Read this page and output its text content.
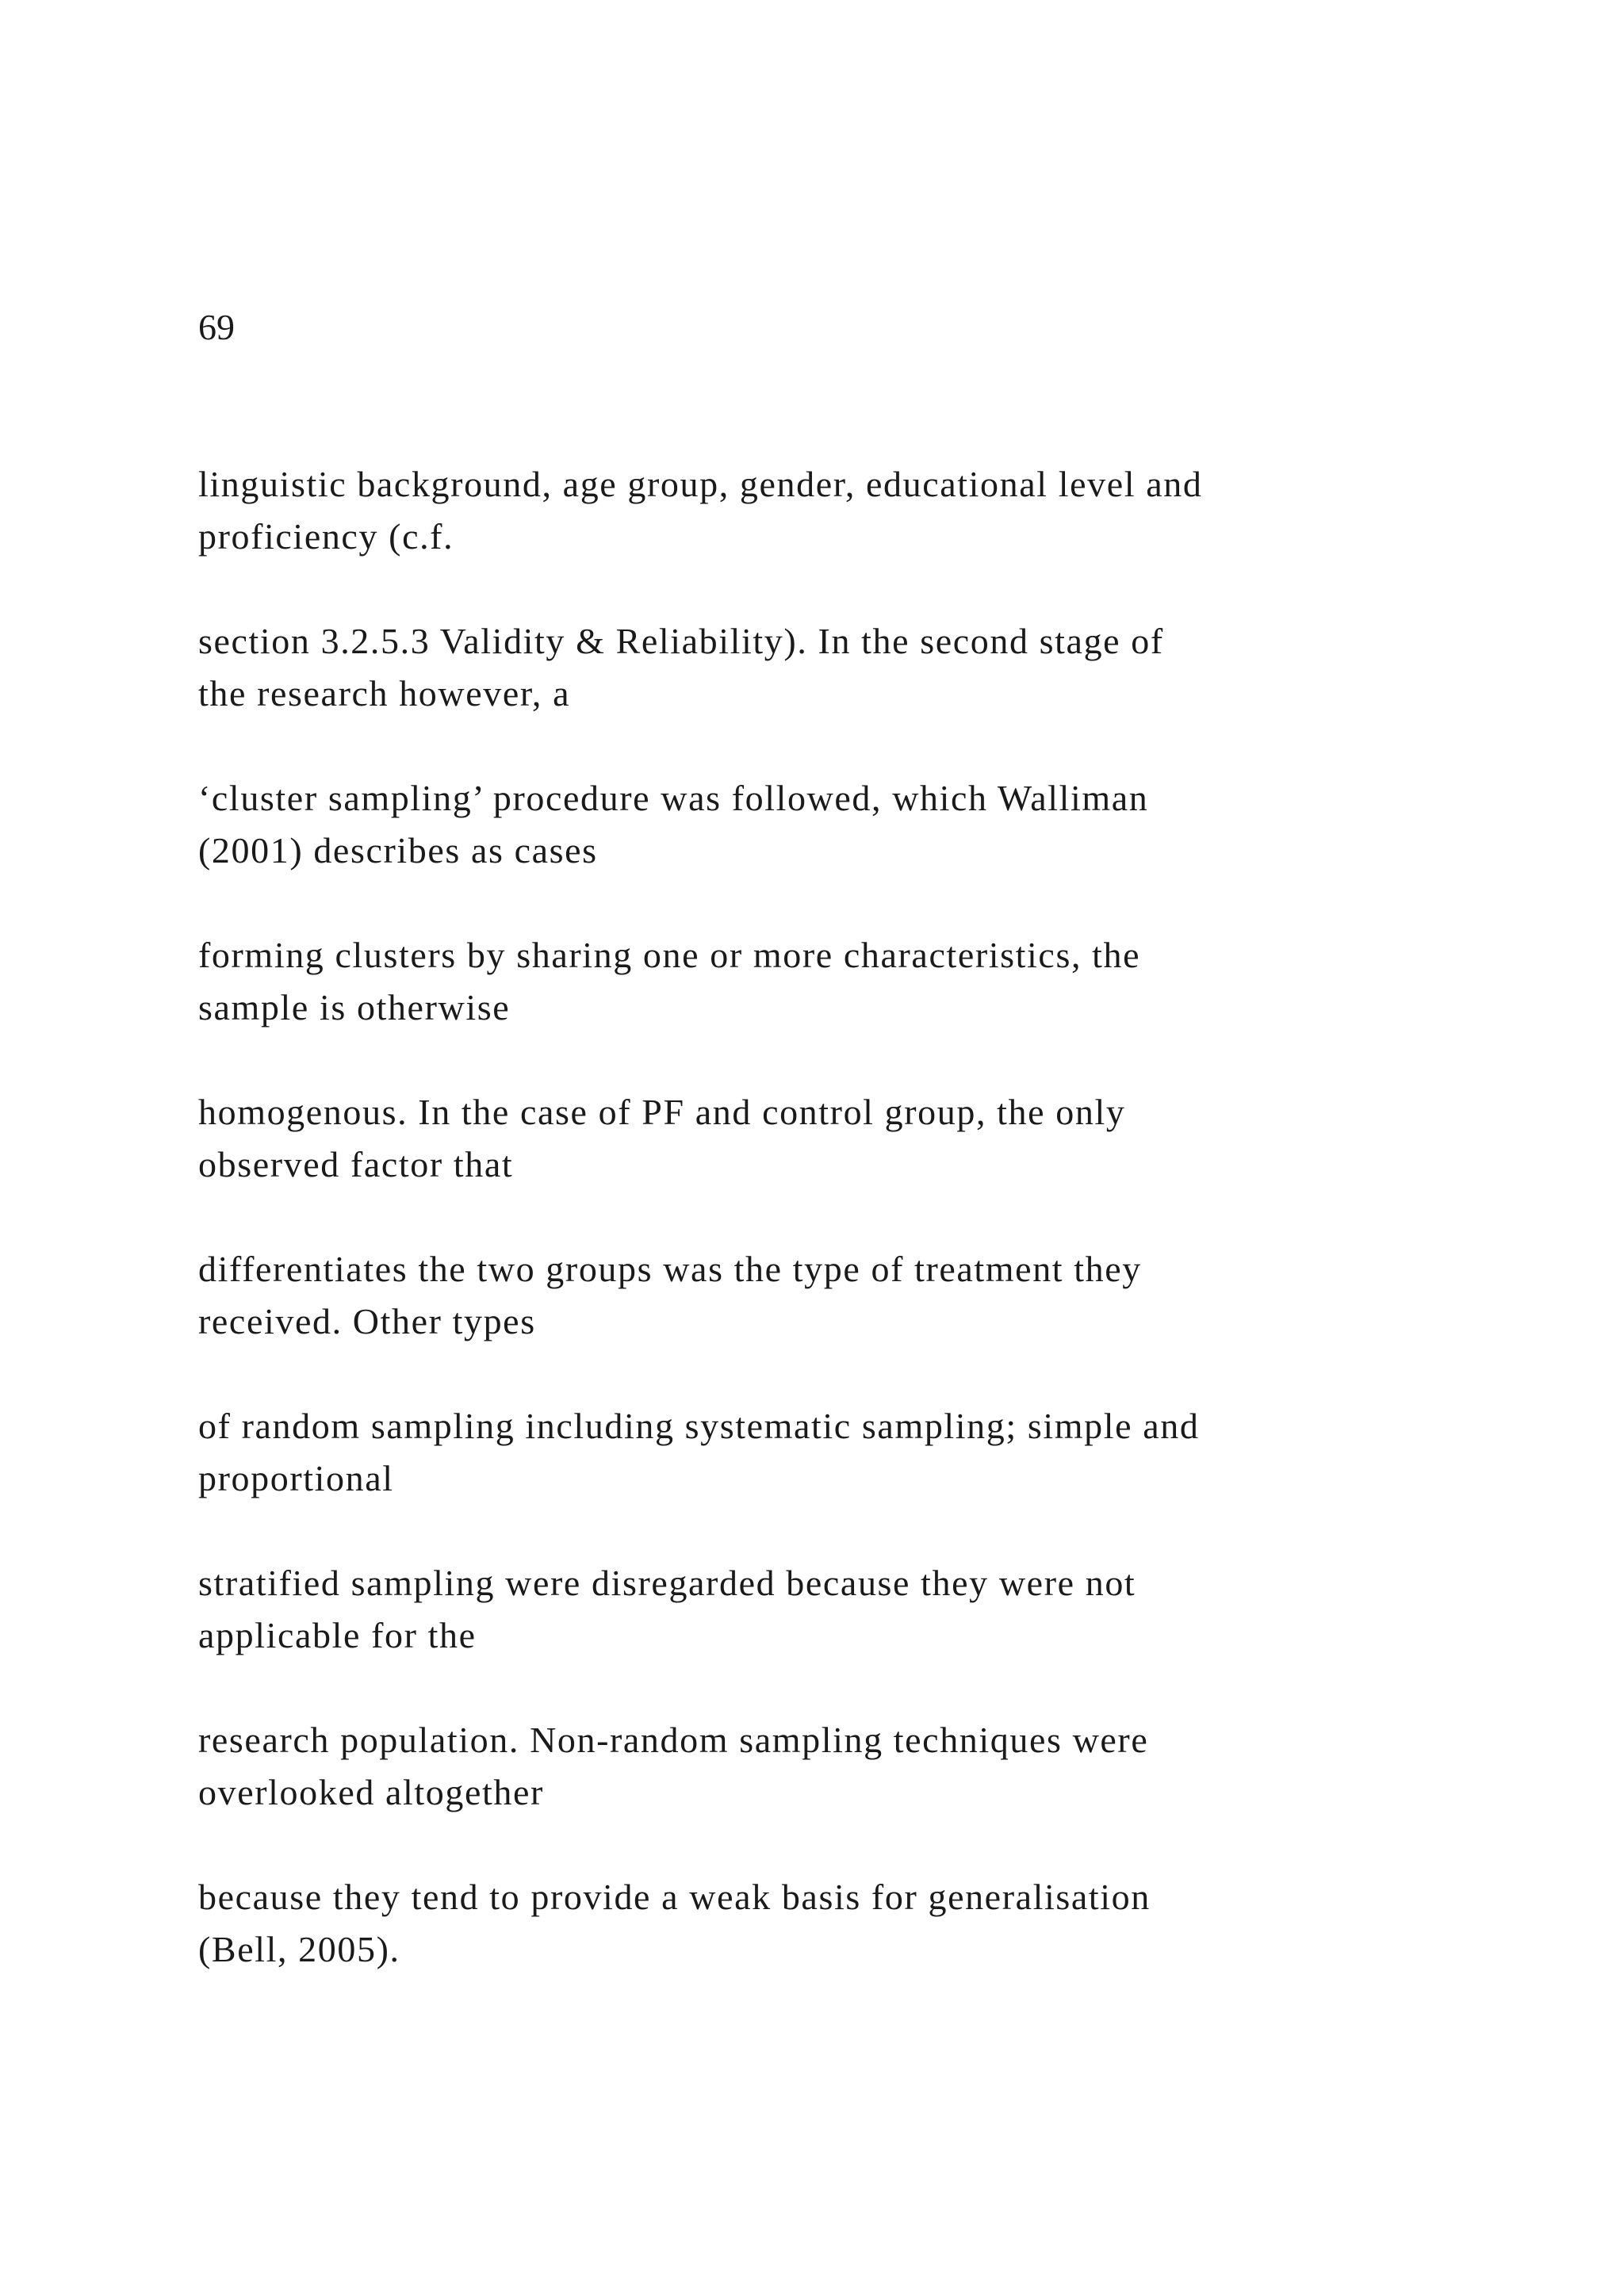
69

linguistic background, age group, gender, educational level and
proficiency (c.f.

section 3.2.5.3 Validity & Reliability). In the second stage of
the research however, a

‘cluster sampling’ procedure was followed, which Walliman
(2001) describes as cases

forming clusters by sharing one or more characteristics, the
sample is otherwise

homogenous. In the case of PF and control group, the only
observed factor that

differentiates the two groups was the type of treatment they
received. Other types

of random sampling including systematic sampling; simple and
proportional

stratified sampling were disregarded because they were not
applicable for the

research population. Non-random sampling techniques were
overlooked altogether

because they tend to provide a weak basis for generalisation
(Bell, 2005).
